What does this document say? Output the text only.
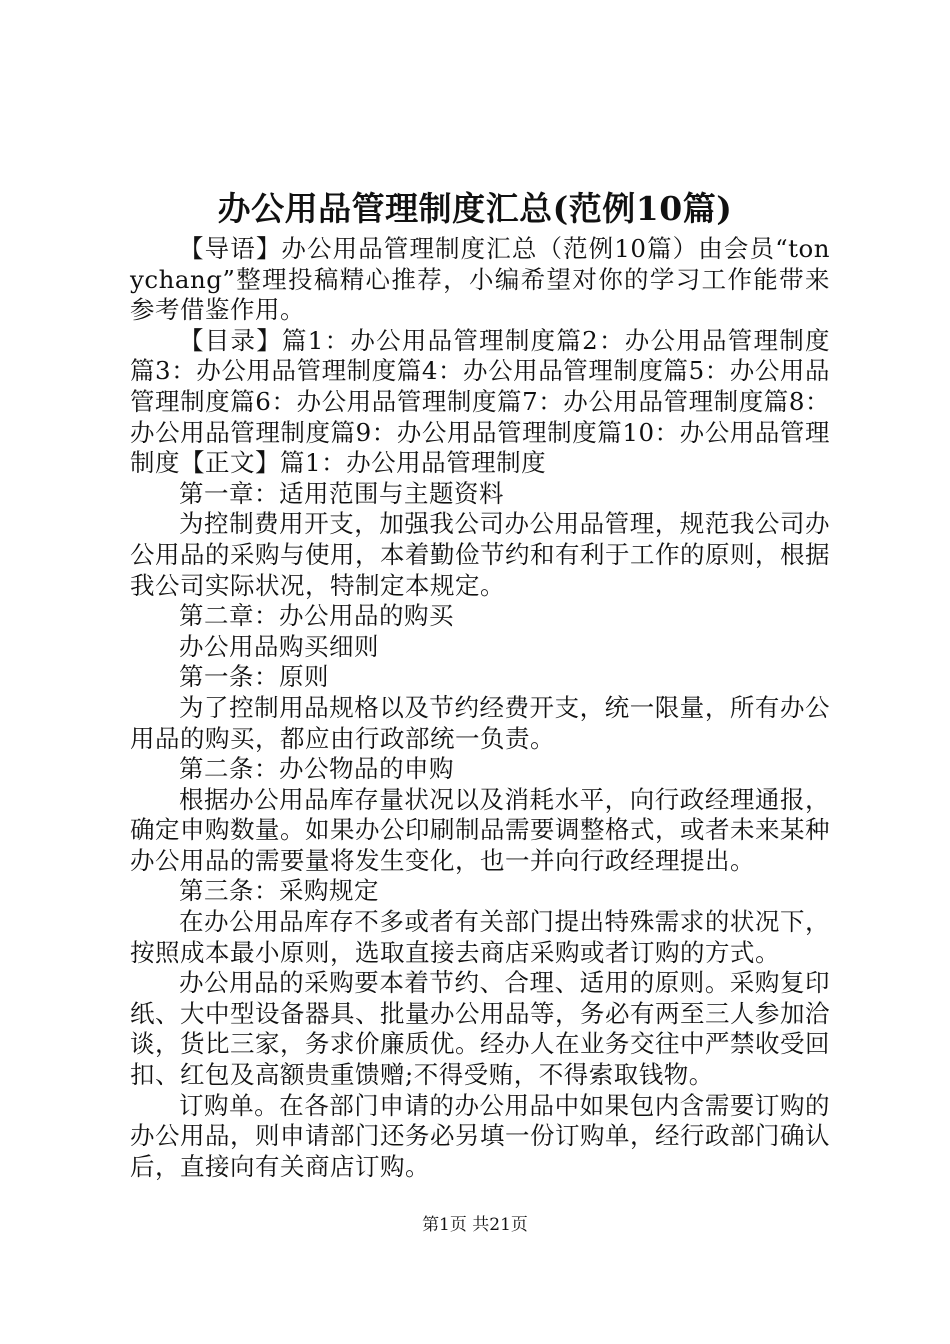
办公用品管理制度汇总(范例10篇)

【导语】办公用品管理制度汇总（范例10篇）由会员“tonychang”整理投稿精心推荐，小编希望对你的学习工作能带来参考借鉴作用。

【目录】篇1：办公用品管理制度篇2：办公用品管理制度篇3：办公用品管理制度篇4：办公用品管理制度篇5：办公用品管理制度篇6：办公用品管理制度篇7：办公用品管理制度篇8：办公用品管理制度篇9：办公用品管理制度篇10：办公用品管理制度【正文】篇1：办公用品管理制度

第一章：适用范围与主题资料

为控制费用开支，加强我公司办公用品管理，规范我公司办公用品的采购与使用，本着勤俭节约和有利于工作的原则，根据我公司实际状况，特制定本规定。

第二章：办公用品的购买

办公用品购买细则

第一条：原则

为了控制用品规格以及节约经费开支，统一限量，所有办公用品的购买，都应由行政部统一负责。

第二条：办公物品的申购

根据办公用品库存量状况以及消耗水平，向行政经理通报，确定申购数量。如果办公印刷制品需要调整格式，或者未来某种办公用品的需要量将发生变化，也一并向行政经理提出。

第三条：采购规定

在办公用品库存不多或者有关部门提出特殊需求的状况下，按照成本最小原则，选取直接去商店采购或者订购的方式。

办公用品的采购要本着节约、合理、适用的原则。采购复印纸、大中型设备器具、批量办公用品等，务必有两至三人参加洽谈，货比三家，务求价廉质优。经办人在业务交往中严禁收受回扣、红包及高额贵重馈赠;不得受贿，不得索取钱物。

订购单。在各部门申请的办公用品中如果包内含需要订购的办公用品，则申请部门还务必另填一份订购单，经行政部门确认后，直接向有关商店订购。

第1页 共21页
